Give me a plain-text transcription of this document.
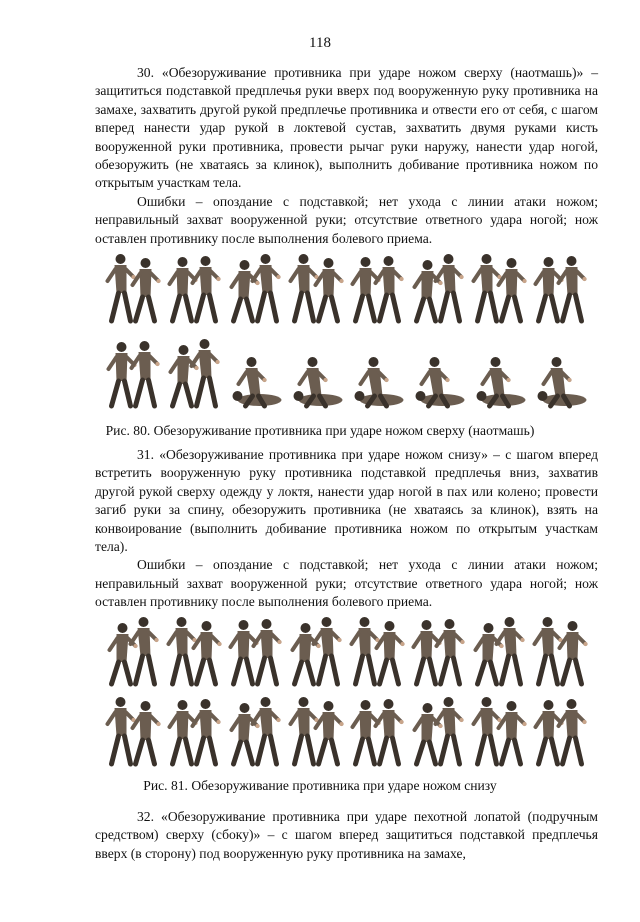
118

30. «Обезоруживание противника при ударе ножом сверху (наотмашь)» – защититься подставкой предплечья руки вверх под вооруженную руку противника на замахе, захватить другой рукой предплечье противника и отвести его от себя, с шагом вперед нанести удар рукой в локтевой сустав, захватить двумя руками кисть вооруженной руки противника, провести рычаг руки наружу, нанести удар ногой, обезоружить (не хватаясь за клинок), выполнить добивание противника ножом по открытым участкам тела.

Ошибки – опоздание с подставкой; нет ухода с линии атаки ножом; неправильный захват вооруженной руки; отсутствие ответного удара ногой; нож оставлен противнику после выполнения болевого приема.

Рис. 80. Обезоруживание противника при ударе ножом сверху (наотмашь)

31. «Обезоруживание противника при ударе ножом снизу» – с шагом вперед встретить вооруженную руку противника подставкой предплечья вниз, захватив другой рукой сверху одежду у локтя, нанести удар ногой в пах или колено; провести загиб руки за спину, обезоружить противника (не хватаясь за клинок), взять на конвоирование (выполнить добивание противника ножом по открытым участкам тела).

Ошибки – опоздание с подставкой; нет ухода с линии атаки ножом; неправильный захват вооруженной руки; отсутствие ответного удара ногой; нож оставлен противнику после выполнения болевого приема.

Рис. 81. Обезоруживание противника при ударе ножом снизу

32. «Обезоруживание противника при ударе пехотной лопатой (подручным средством) сверху (сбоку)» – с шагом вперед защититься подставкой предплечья вверх (в сторону) под вооруженную руку противника на замахе,
